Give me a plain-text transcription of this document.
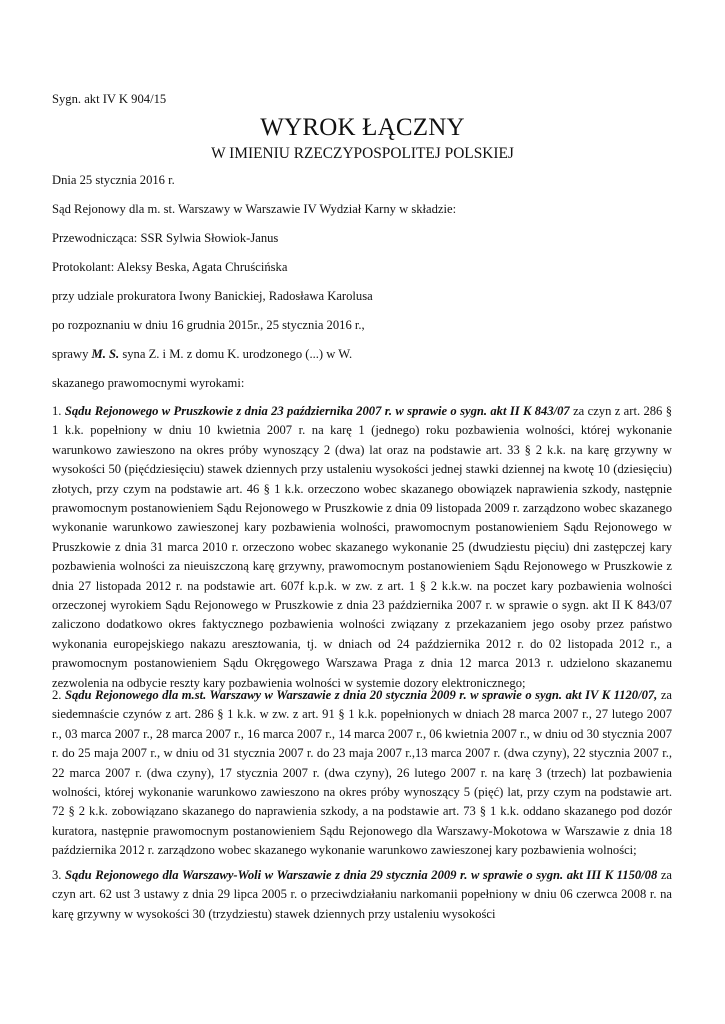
Sygn. akt IV K 904/15
WYROK ŁĄCZNY
W IMIENIU RZECZYPOSPOLITEJ POLSKIEJ
Dnia 25 stycznia 2016 r.
Sąd Rejonowy dla m. st. Warszawy w Warszawie IV Wydział Karny w składzie:
Przewodnicząca: SSR Sylwia Słowiok-Janus
Protokolant: Aleksy Beska, Agata Chruścińska
przy udziale prokuratora Iwony Banickiej, Radosława Karolusa
po rozpoznaniu w dniu 16 grudnia 2015r., 25 stycznia 2016 r.,
sprawy M. S. syna Z. i M. z domu K. urodzonego (...) w W.
skazanego prawomocnymi wyrokami:
1. Sądu Rejonowego w Pruszkowie z dnia 23 października 2007 r. w sprawie o sygn. akt II K 843/07 za czyn z art. 286 § 1 k.k. popełniony w dniu 10 kwietnia 2007 r. na karę 1 (jednego) roku pozbawienia wolności, której wykonanie warunkowo zawieszono na okres próby wynoszący 2 (dwa) lat oraz na podstawie art. 33 § 2 k.k. na karę grzywny w wysokości 50 (pięćdziesięciu) stawek dziennych przy ustaleniu wysokości jednej stawki dziennej na kwotę 10 (dziesięciu) złotych, przy czym na podstawie art. 46 § 1 k.k. orzeczono wobec skazanego obowiązek naprawienia szkody, następnie prawomocnym postanowieniem Sądu Rejonowego w Pruszkowie z dnia 09 listopada 2009 r. zarządzono wobec skazanego wykonanie warunkowo zawieszonej kary pozbawienia wolności, prawomocnym postanowieniem Sądu Rejonowego w Pruszkowie z dnia 31 marca 2010 r. orzeczono wobec skazanego wykonanie 25 (dwudziestu pięciu) dni zastępczej kary pozbawienia wolności za nieuiszczoną karę grzywny, prawomocnym postanowieniem Sądu Rejonowego w Pruszkowie z dnia 27 listopada 2012 r. na podstawie art. 607f k.p.k. w zw. z art. 1 § 2 k.k.w. na poczet kary pozbawienia wolności orzeczonej wyrokiem Sądu Rejonowego w Pruszkowie z dnia 23 października 2007 r. w sprawie o sygn. akt II K 843/07 zaliczono dodatkowo okres faktycznego pozbawienia wolności związany z przekazaniem jego osoby przez państwo wykonania europejskiego nakazu aresztowania, tj. w dniach od 24 października 2012 r. do 02 listopada 2012 r., a prawomocnym postanowieniem Sądu Okręgowego Warszawa Praga z dnia 12 marca 2013 r. udzielono skazanemu zezwolenia na odbycie reszty kary pozbawienia wolności w systemie dozory elektronicznego;
2. Sądu Rejonowego dla m.st. Warszawy w Warszawie z dnia 20 stycznia 2009 r. w sprawie o sygn. akt IV K 1120/07, za siedemnaście czynów z art. 286 § 1 k.k. w zw. z art. 91 § 1 k.k. popełnionych w dniach 28 marca 2007 r., 27 lutego 2007 r., 03 marca 2007 r., 28 marca 2007 r., 16 marca 2007 r., 14 marca 2007 r., 06 kwietnia 2007 r., w dniu od 30 stycznia 2007 r. do 25 maja 2007 r., w dniu od 31 stycznia 2007 r. do 23 maja 2007 r.,13 marca 2007 r. (dwa czyny), 22 stycznia 2007 r., 22 marca 2007 r. (dwa czyny), 17 stycznia 2007 r. (dwa czyny), 26 lutego 2007 r. na karę 3 (trzech) lat pozbawienia wolności, której wykonanie warunkowo zawieszono na okres próby wynoszący 5 (pięć) lat, przy czym na podstawie art. 72 § 2 k.k. zobowiązano skazanego do naprawienia szkody, a na podstawie art. 73 § 1 k.k. oddano skazanego pod dozór kuratora, następnie prawomocnym postanowieniem Sądu Rejonowego dla Warszawy-Mokotowa w Warszawie z dnia 18 października 2012 r. zarządzono wobec skazanego wykonanie warunkowo zawieszonej kary pozbawienia wolności;
3. Sądu Rejonowego dla Warszawy-Woli w Warszawie z dnia 29 stycznia 2009 r. w sprawie o sygn. akt III K 1150/08 za czyn art. 62 ust 3 ustawy z dnia 29 lipca 2005 r. o przeciwdziałaniu narkomanii popełniony w dniu 06 czerwca 2008 r. na karę grzywny w wysokości 30 (trzydziestu) stawek dziennych przy ustaleniu wysokości
